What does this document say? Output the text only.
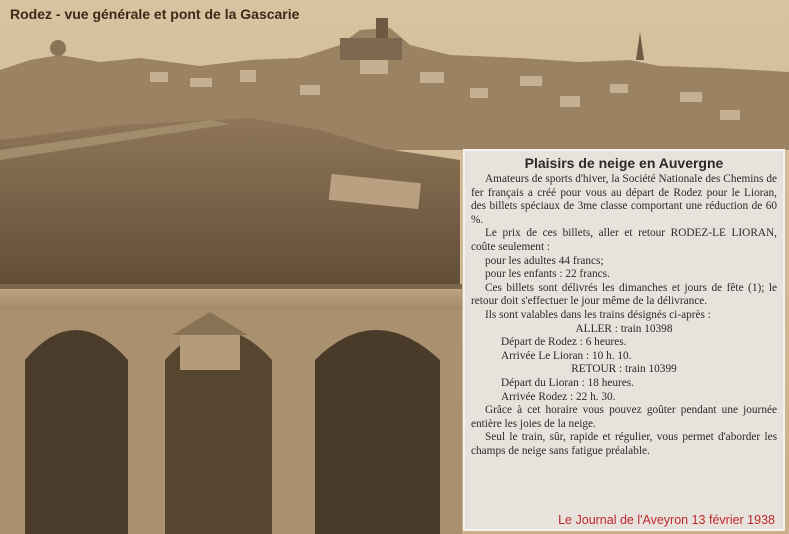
Rodez - vue générale et pont de la Gascarie
Plaisirs de neige en Auvergne

Amateurs de sports d'hiver, la Société Nationale des Chemins de fer français a créé pour vous au départ de Rodez pour le Lioran, des billets spéciaux de 3me classe comportant une réduction de 60 %.

Le prix de ces billets, aller et retour RODEZ-LE LIORAN, coûte seulement :

pour les adultes 44 francs;

pour les enfants : 22 francs.

Ces billets sont délivrés les dimanches et jours de fête (1); le retour doit s'effectuer le jour même de la délivrance.

Ils sont valables dans les trains désignés ci-après :

ALLER : train 10398

Départ de Rodez : 6 heures.

Arrivée Le Lioran : 10 h. 10.

RETOUR : train 10399

Départ du Lioran : 18 heures.

Arrivée Rodez : 22 h. 30.

Grâce à cet horaire vous pouvez goûter pendant une journée entière les joies de la neige.

Seul le train, sûr, rapide et régulier, vous permet d'aborder les champs de neige sans fatigue préalable.

Le Journal de l'Aveyron 13 février 1938
